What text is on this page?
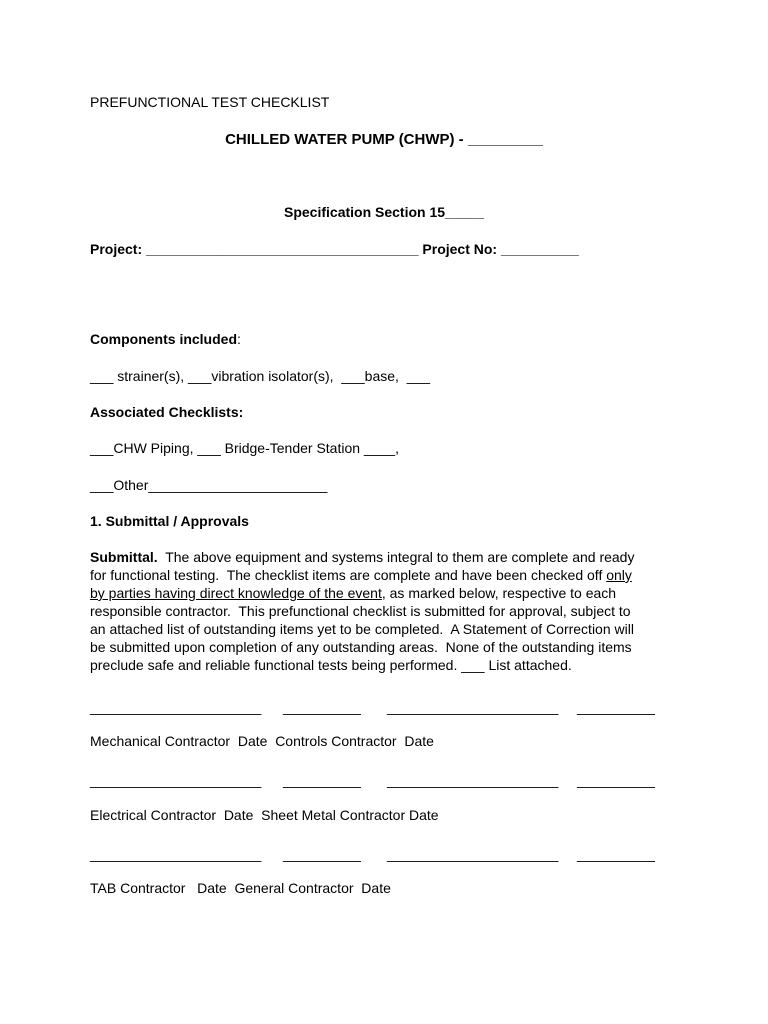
PREFUNCTIONAL TEST CHECKLIST
CHILLED WATER PUMP (CHWP) - _________
Specification Section 15_____
Project: ___________________________________ Project No: __________
Components included:
___ strainer(s), ___vibration isolator(s),  ___base,  ___
Associated Checklists:
___CHW Piping, ___ Bridge-Tender Station ____,
___Other_______________________
1. Submittal / Approvals
Submittal.  The above equipment and systems integral to them are complete and ready
for functional testing.  The checklist items are complete and have been checked off only
by parties having direct knowledge of the event, as marked below, respective to each
responsible contractor.  This prefunctional checklist is submitted for approval, subject to
an attached list of outstanding items yet to be completed.  A Statement of Correction will
be submitted upon completion of any outstanding areas.  None of the outstanding items
preclude safe and reliable functional tests being performed. ___ List attached.
______________________ __________ ______________________ __________
Mechanical Contractor  Date  Controls Contractor  Date
______________________ __________ ______________________ __________
Electrical Contractor  Date  Sheet Metal Contractor Date
______________________ __________ ______________________ __________
TAB Contractor   Date  General Contractor  Date
